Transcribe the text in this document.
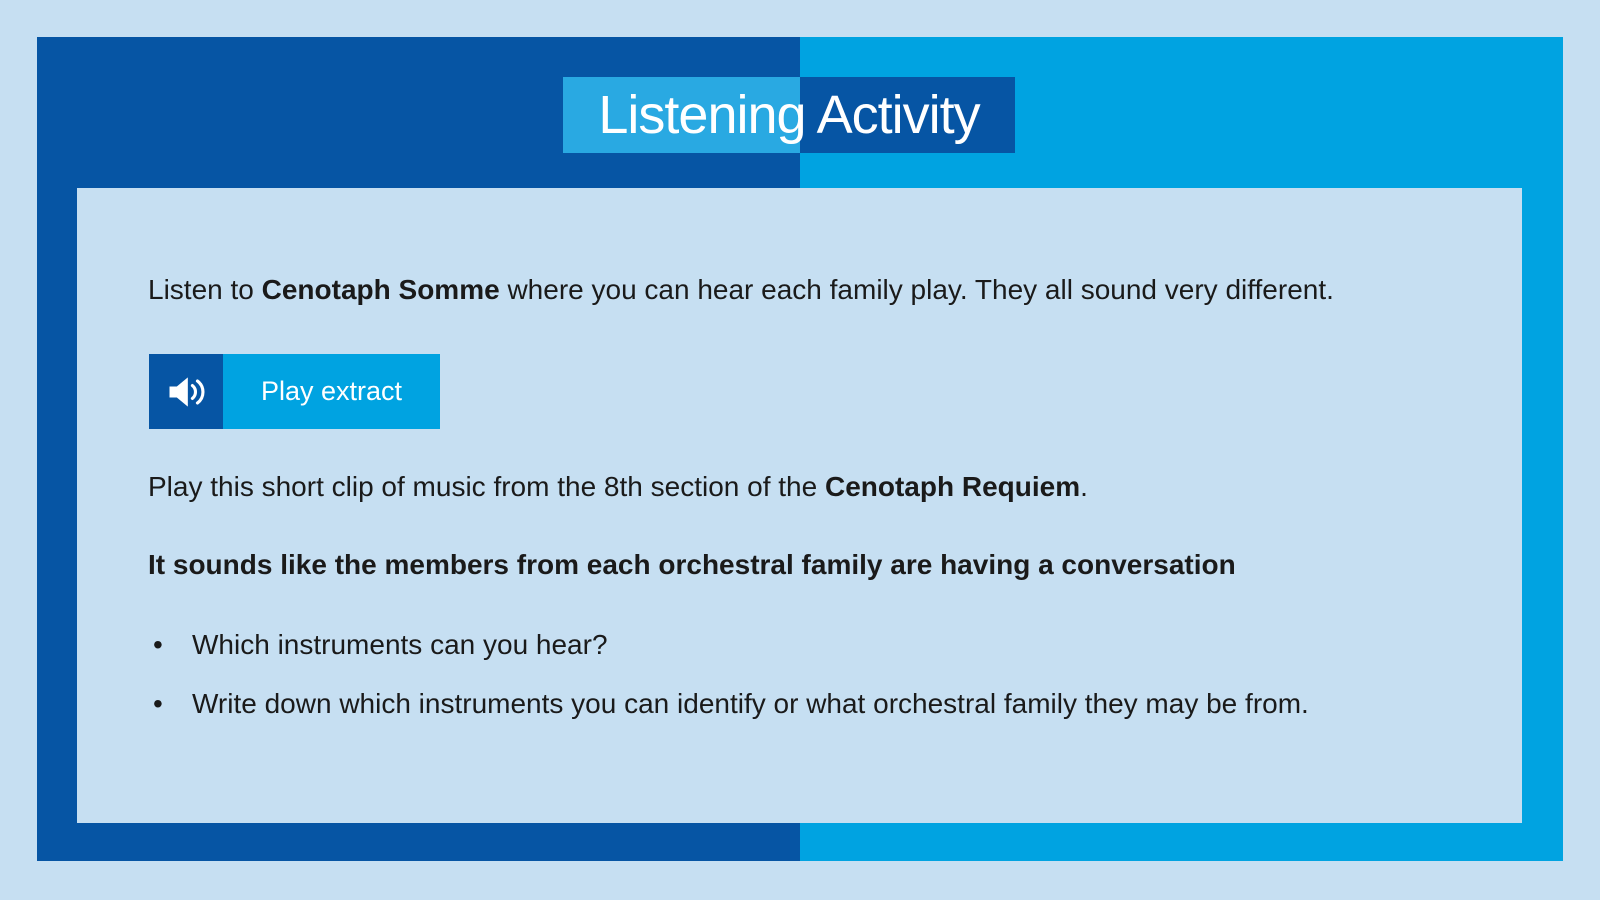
Listening Activity

Listen to Cenotaph Somme where you can hear each family play. They all sound very different.

Play extract

Play this short clip of music from the 8th section of the Cenotaph Requiem.

It sounds like the members from each orchestral family are having a conversation

•	Which instruments can you hear?
•	Write down which instruments you can identify or what orchestral family they may be from.
